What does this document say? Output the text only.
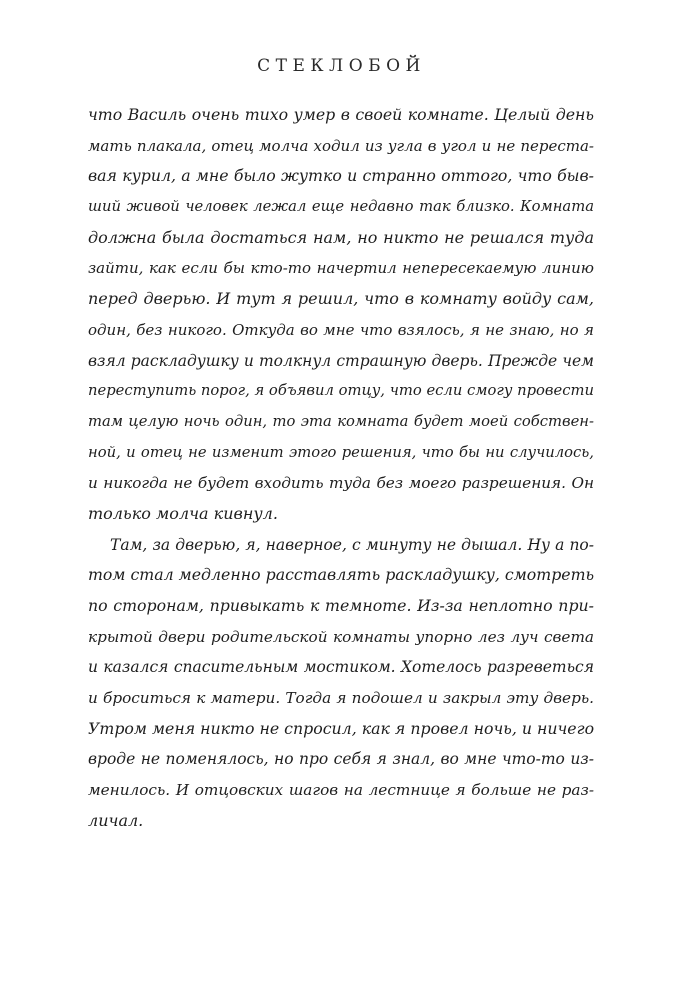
СТЕКЛОБОЙ
что Василь очень тихо умер в своей комнате. Целый день
мать плакала, отец молча ходил из угла в угол и не перестa-
вая курил, а мне было жутко и странно оттого, что быв-
ший живой человек лежал еще недавно так близко. Комната
должна была достаться нам, но никто не решался туда
зайти, как если бы кто-то начертил непересекаемую линию
перед дверью. И тут я решил, что в комнату войду сам,
один, без никого. Откуда во мне что взялось, я не знаю, но я
взял раскладушку и толкнул страшную дверь. Прежде чем
переступить порог, я объявил отцу, что если смогу провести
там целую ночь один, то эта комната будет моей собствен-
ной, и отец не изменит этого решения, что бы ни случилось,
и никогда не будет входить туда без моего разрешения. Он
только молча кивнул.
Там, за дверью, я, наверное, с минуту не дышал. Ну а по-
том стал медленно расставлять раскладушку, смотреть
по сторонам, привыкать к темноте. Из-за неплотно при-
крытой двери родительской комнаты упорно лез луч света
и казался спасительным мостиком. Хотелось разреветься
и броситься к матери. Тогда я подошел и закрыл эту дверь.
Утром меня никто не спросил, как я провел ночь, и ничего
вроде не поменялось, но про себя я знал, во мне что-то из-
менилось. И отцовских шагов на лестнице я больше не раз-
личал.
